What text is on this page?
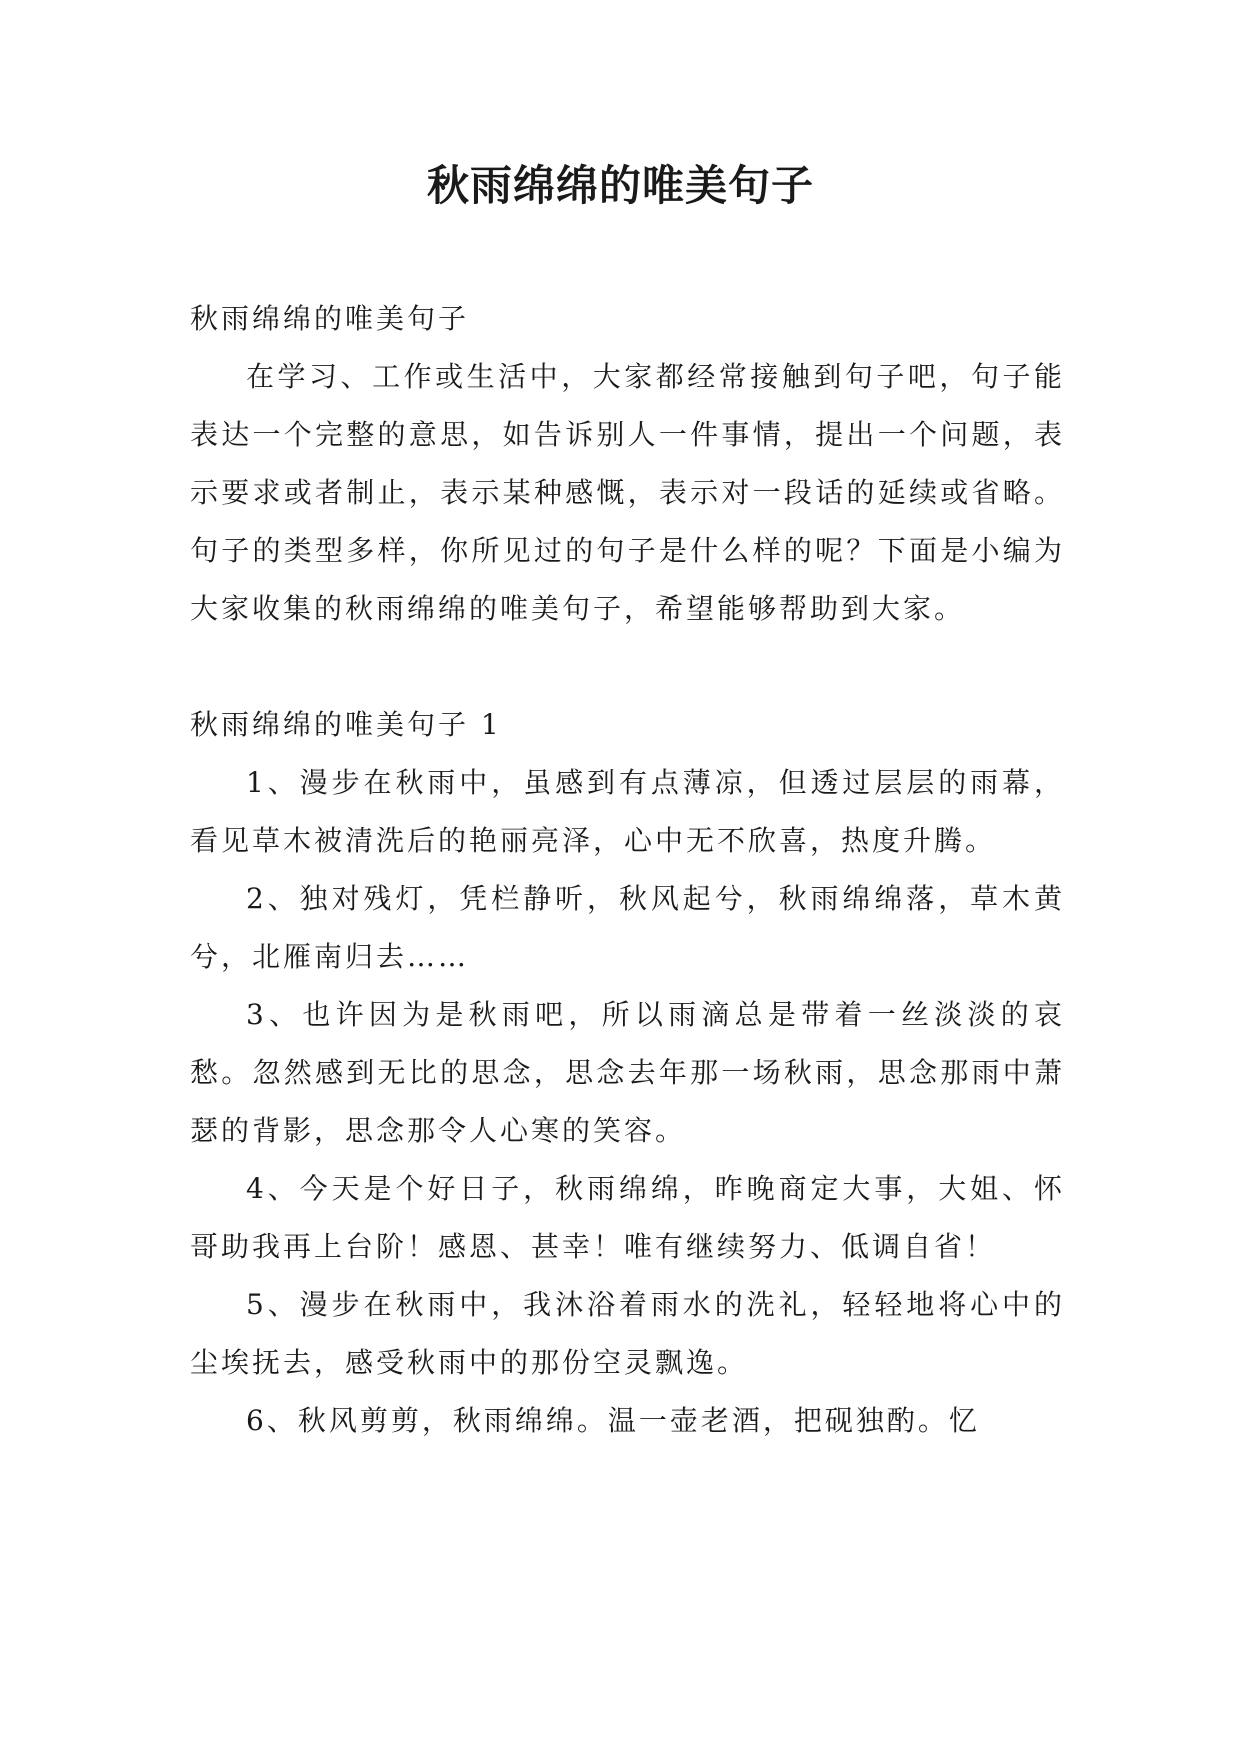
秋雨绵绵的唯美句子
秋雨绵绵的唯美句子

在学习、工作或生活中，大家都经常接触到句子吧，句子能表达一个完整的意思，如告诉别人一件事情，提出一个问题，表示要求或者制止，表示某种感慨，表示对一段话的延续或省略。句子的类型多样，你所见过的句子是什么样的呢？下面是小编为大家收集的秋雨绵绵的唯美句子，希望能够帮助到大家。

秋雨绵绵的唯美句子 1

1、漫步在秋雨中，虽感到有点薄凉，但透过层层的雨幕，看见草木被清洗后的艳丽亮泽，心中无不欣喜，热度升腾。

2、独对残灯，凭栏静听，秋风起兮，秋雨绵绵落，草木黄兮，北雁南归去……

3、也许因为是秋雨吧，所以雨滴总是带着一丝淡淡的哀愁。忽然感到无比的思念，思念去年那一场秋雨，思念那雨中萧瑟的背影，思念那令人心寒的笑容。

4、今天是个好日子，秋雨绵绵，昨晚商定大事，大姐、怀哥助我再上台阶！感恩、甚幸！唯有继续努力、低调自省！

5、漫步在秋雨中，我沐浴着雨水的洗礼，轻轻地将心中的尘埃抚去，感受秋雨中的那份空灵飘逸。

6、秋风剪剪，秋雨绵绵。温一壶老酒，把砚独酌。忆
